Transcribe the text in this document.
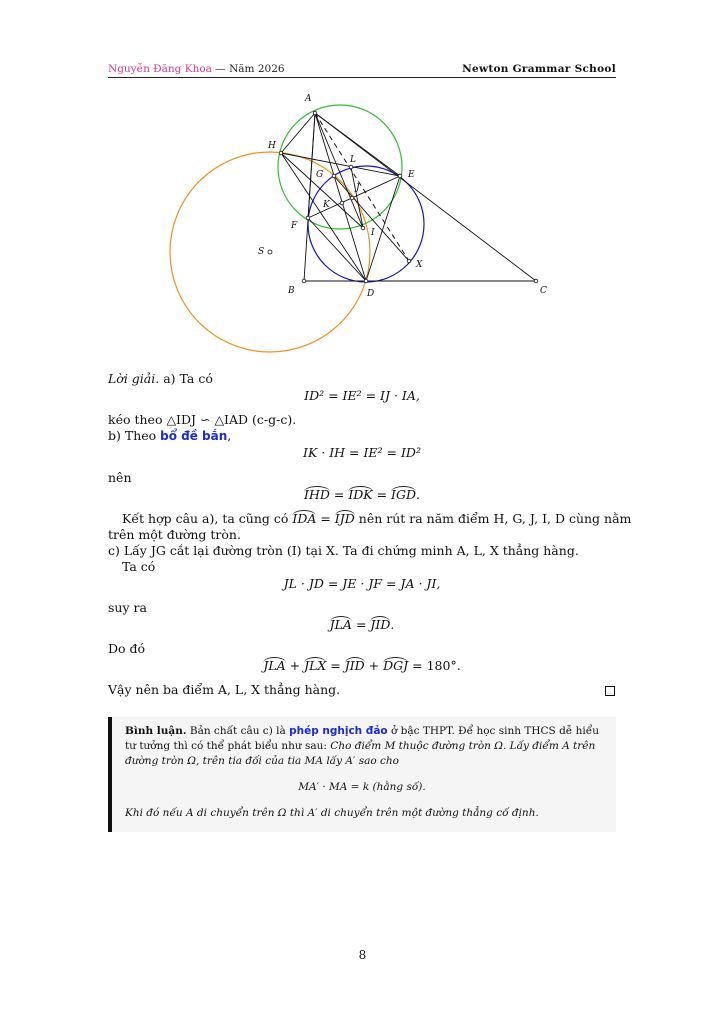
Nguyễn Đăng Khoa — Năm 2026	Newton Grammar School
A
H
L
E
G
J
K
F
I
S
X
B	D	C
Lời giải. a) Ta có
ID² = IE² = IJ · IA,
kéo theo △IDJ ∽ △IAD (c-g-c).
b) Theo bổ đề bắn,
IK · IH = IE² = ID²
nên
IHD = IDK = IGD.
Kết hợp câu a), ta cũng có IDA = IJD nên rút ra năm điểm H, G, J, I, D cùng nằm
trên một đường tròn.
c) Lấy JG cắt lại đường tròn (I) tại X. Ta đi chứng minh A, L, X thẳng hàng.
Ta có
JL · JD = JE · JF = JA · JI,
suy ra
JLA = JID.
Do đó
JLA + JLX = JID + DGJ = 180°.
Vậy nên ba điểm A, L, X thẳng hàng.
Bình luận. Bản chất câu c) là phép nghịch đảo ở bậc THPT. Để học sinh THCS dễ hiểu
tư tưởng thì có thể phát biểu như sau: Cho điểm M thuộc đường tròn Ω. Lấy điểm A trên
đường tròn Ω, trên tia đối của tia MA lấy A′ sao cho
MA′ · MA = k (hằng số).
Khi đó nếu A di chuyển trên Ω thì A′ di chuyển trên một đường thẳng cố định.
8
